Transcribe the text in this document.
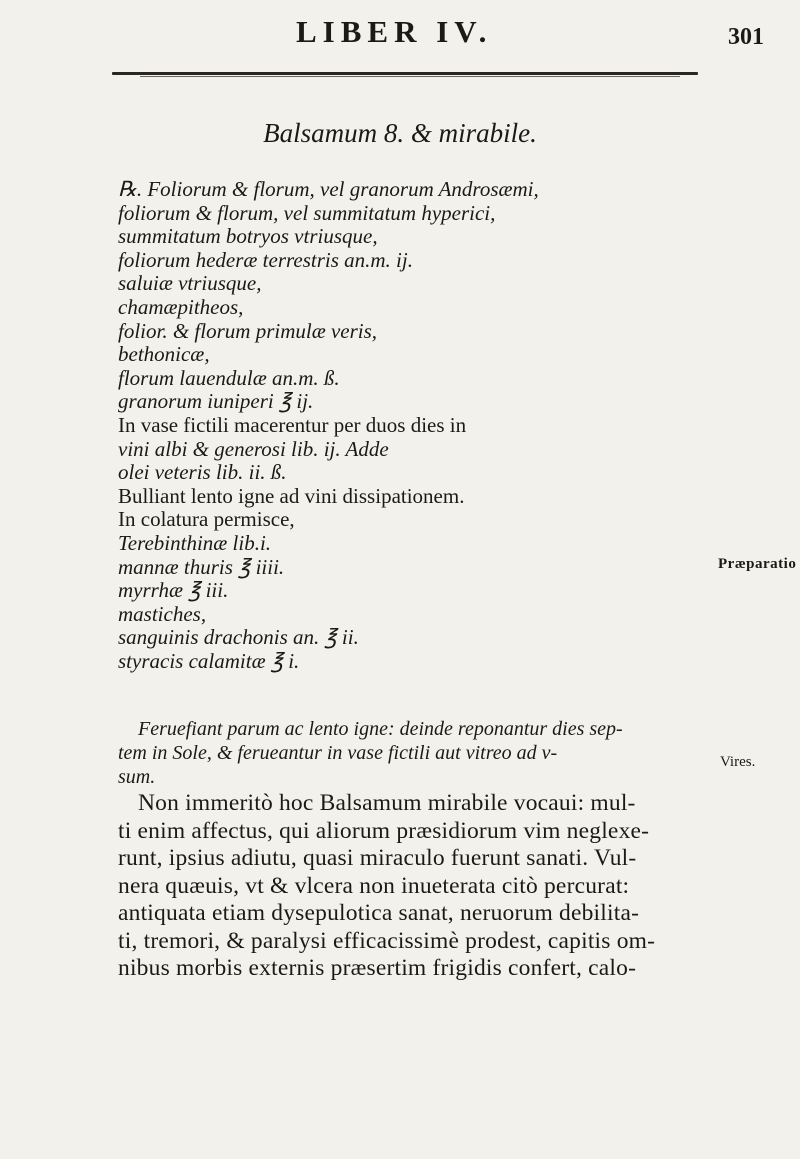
LIBER IV.	301
Balsamum 8. & mirabile.
℞. Foliorum & florum, vel granorum Androsæmi,
foliorum & florum, vel summitatum hyperici,
summitatum botryos vtriusque,
foliorum hederæ terrestris an.m. ij.
saluiæ vtriusque,
chamæpitheos,
folior. & florum primulæ veris,
bethonicæ,
florum lauendulæ an.m. ß.
granorum iuniperi ℥ ij.
In vase fictili macerentur per duos dies in
vini albi & generosi lib. ij. Adde
olei veteris lib. ii. ß.
Bulliant lento igne ad vini dissipationem.
In colatura permisce,
Terebinthinæ lib.i.
mannæ thuris ℥ iiii.
myrrhæ ℥ iii.
mastiches,
sanguinis drachonis an. ℥ ii.
styracis calamitæ ℥ i.
Feruefiant parum ac lento igne: deinde reponantur dies sep-
tem in Sole, & ferueantur in vase fictili aut vitreo ad v-
sum.
Non immeritò hoc Balsamum mirabile vocaui: mul-
ti enim affectus, qui aliorum præsidiorum vim neglexe-
runt, ipsius adiutu, quasi miraculo fuerunt sanati. Vul-
nera quæuis, vt & vlcera non inueterata citò percurat:
antiquata etiam dysepulotica sanat, neruorum debilita-
ti, tremori, & paralysi efficacissimè prodest, capitis om-
nibus morbis externis præsertim frigidis confert, calo-
Præparatio
Vires.
